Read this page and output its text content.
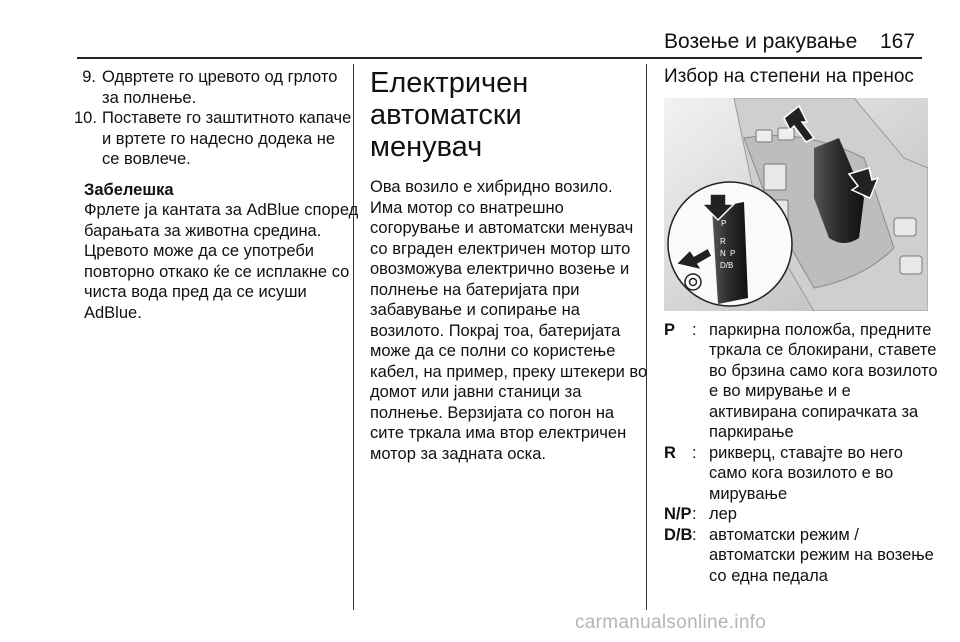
Возење и ракување 167
9. Одвртете го цревото од грлото за полнење.
10. Поставете го заштитното капаче и вртете го надесно додека не се вовлече.
Забелешка
Фрлете ја кантата за AdBlue според барањата за животна средина. Цревото може да се употреби повторно откако ќе се исплакне со чиста вода пред да се исуши AdBlue.
Електричен
автоматски менувач
Ова возило е хибридно возило. Има мотор со внатрешно согорување и автоматски менувач со вграден електричен мотор што овозможува електрично возење и полнење на батеријата при забавување и сопирање на возилото. Покрај тоа, батеријата може да се полни со користење кабел, на пример, преку штекери во домот или јавни станици за полнење. Верзијата со погон на сите тркала има втор електричен мотор за задната оска.
Избор на степени на пренос
P
R
N P
D/B
P	: паркирна положба, предните тркала се блокирани, ставете во брзина само кога возилото е во мирување и е активирана сопирачката за паркирање
R : рикверц, ставајте во него само кога возилото е во мирување
N/P : лер
D/B : автоматски режим / автоматски режим на возење со една педала
carmanualsonline.info
